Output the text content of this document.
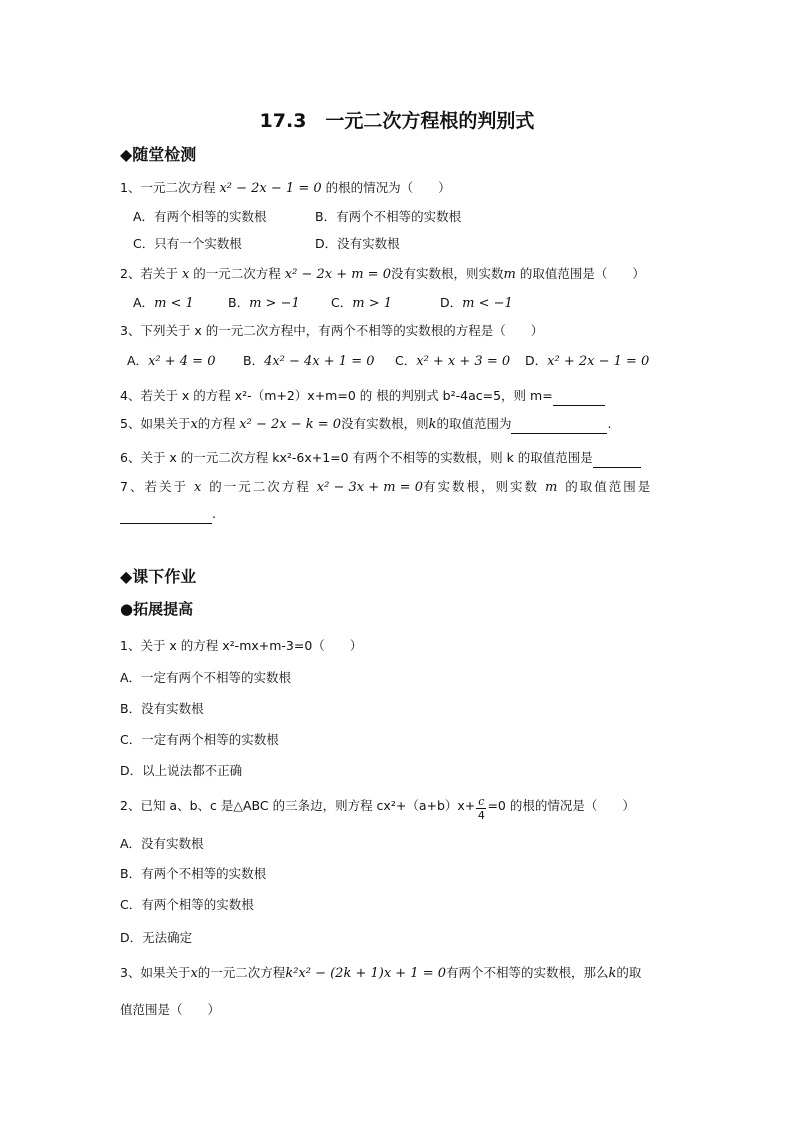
17.3　一元二次方程根的判别式
◆随堂检测
1、一元二次方程 x² − 2x − 1 = 0 的根的情况为（　　）
A．有两个相等的实数根	B．有两个不相等的实数根
C．只有一个实数根	D．没有实数根
2、若关于 x 的一元二次方程 x² − 2x + m = 0没有实数根，则实数m 的取值范围是（　　）
A．m < 1	B．m > −1	C．m > 1	D．m < −1
3、下列关于 x 的一元二次方程中，有两个不相等的实数根的方程是（　　）
A．x² + 4 = 0 B．4x² − 4x + 1 = 0 C．x² + x + 3 = 0 D．x² + 2x − 1 = 0
4、若关于 x 的方程 x²-（m+2）x+m=0 的 根的判别式 b²-4ac=5，则 m=
5、如果关于x的方程 x² − 2x − k = 0没有实数根，则k的取值范围为	.
6、关于 x 的一元二次方程 kx²-6x+1=0 有两个不相等的实数根，则 k 的取值范围是
7、若关于 x 的一元二次方程 x² − 3x + m = 0有实数根，则实数 m 的取值范围是
.
◆课下作业
●拓展提高
1、关于 x 的方程 x²-mx+m-3=0（　　）
A．一定有两个不相等的实数根
B．没有实数根
C．一定有两个相等的实数根
D．以上说法都不正确
2、已知 a、b、c 是△ABC 的三条边，则方程 $cx^2+(a+b)x+ \frac{c}{4} =0$ 的根的情况是（　　）
A．没有实数根
B．有两个不相等的实数根
C．有两个相等的实数根
D．无法确定
3、如果关于x的一元二次方程k²x² − (2k + 1)x + 1 = 0有两个不相等的实数根，那么k的取
值范围是（　　）
